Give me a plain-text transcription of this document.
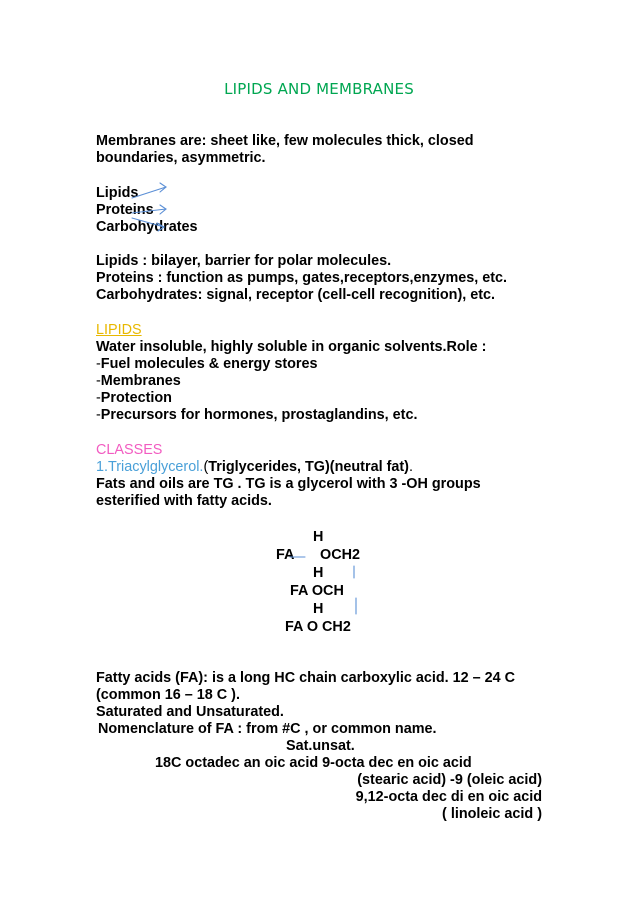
LIPIDS AND MEMBRANES
Membranes are: sheet like, few molecules thick, closed
boundaries, asymmetric.
Lipids
Proteins
Carbohydrates
Lipids : bilayer, barrier for polar molecules.
Proteins : function as pumps, gates,receptors,enzymes, etc.
Carbohydrates: signal, receptor (cell-cell recognition), etc.
LIPIDS
Water insoluble, highly soluble in organic solvents.Role :
-Fuel molecules & energy stores
-Membranes
-Protection
-Precursors for hormones, prostaglandins, etc.
CLASSES
1.Triacylglycerol.(Triglycerides, TG)(neutral fat).
Fats and oils are TG . TG is a glycerol with 3 -OH groups
esterified with fatty acids.
H
FA OCH2
H
FA OCH
H
FA O CH2
Fatty acids (FA): is a long HC chain carboxylic acid. 12 – 24 C
(common 16 – 18 C ).
Saturated and Unsaturated.
Nomenclature of FA : from #C , or common name.
Sat.unsat.
18C octadec an oic acid 9-octa dec en oic acid
(stearic acid) -9 (oleic acid)
9,12-octa dec di en oic acid
( linoleic acid )
